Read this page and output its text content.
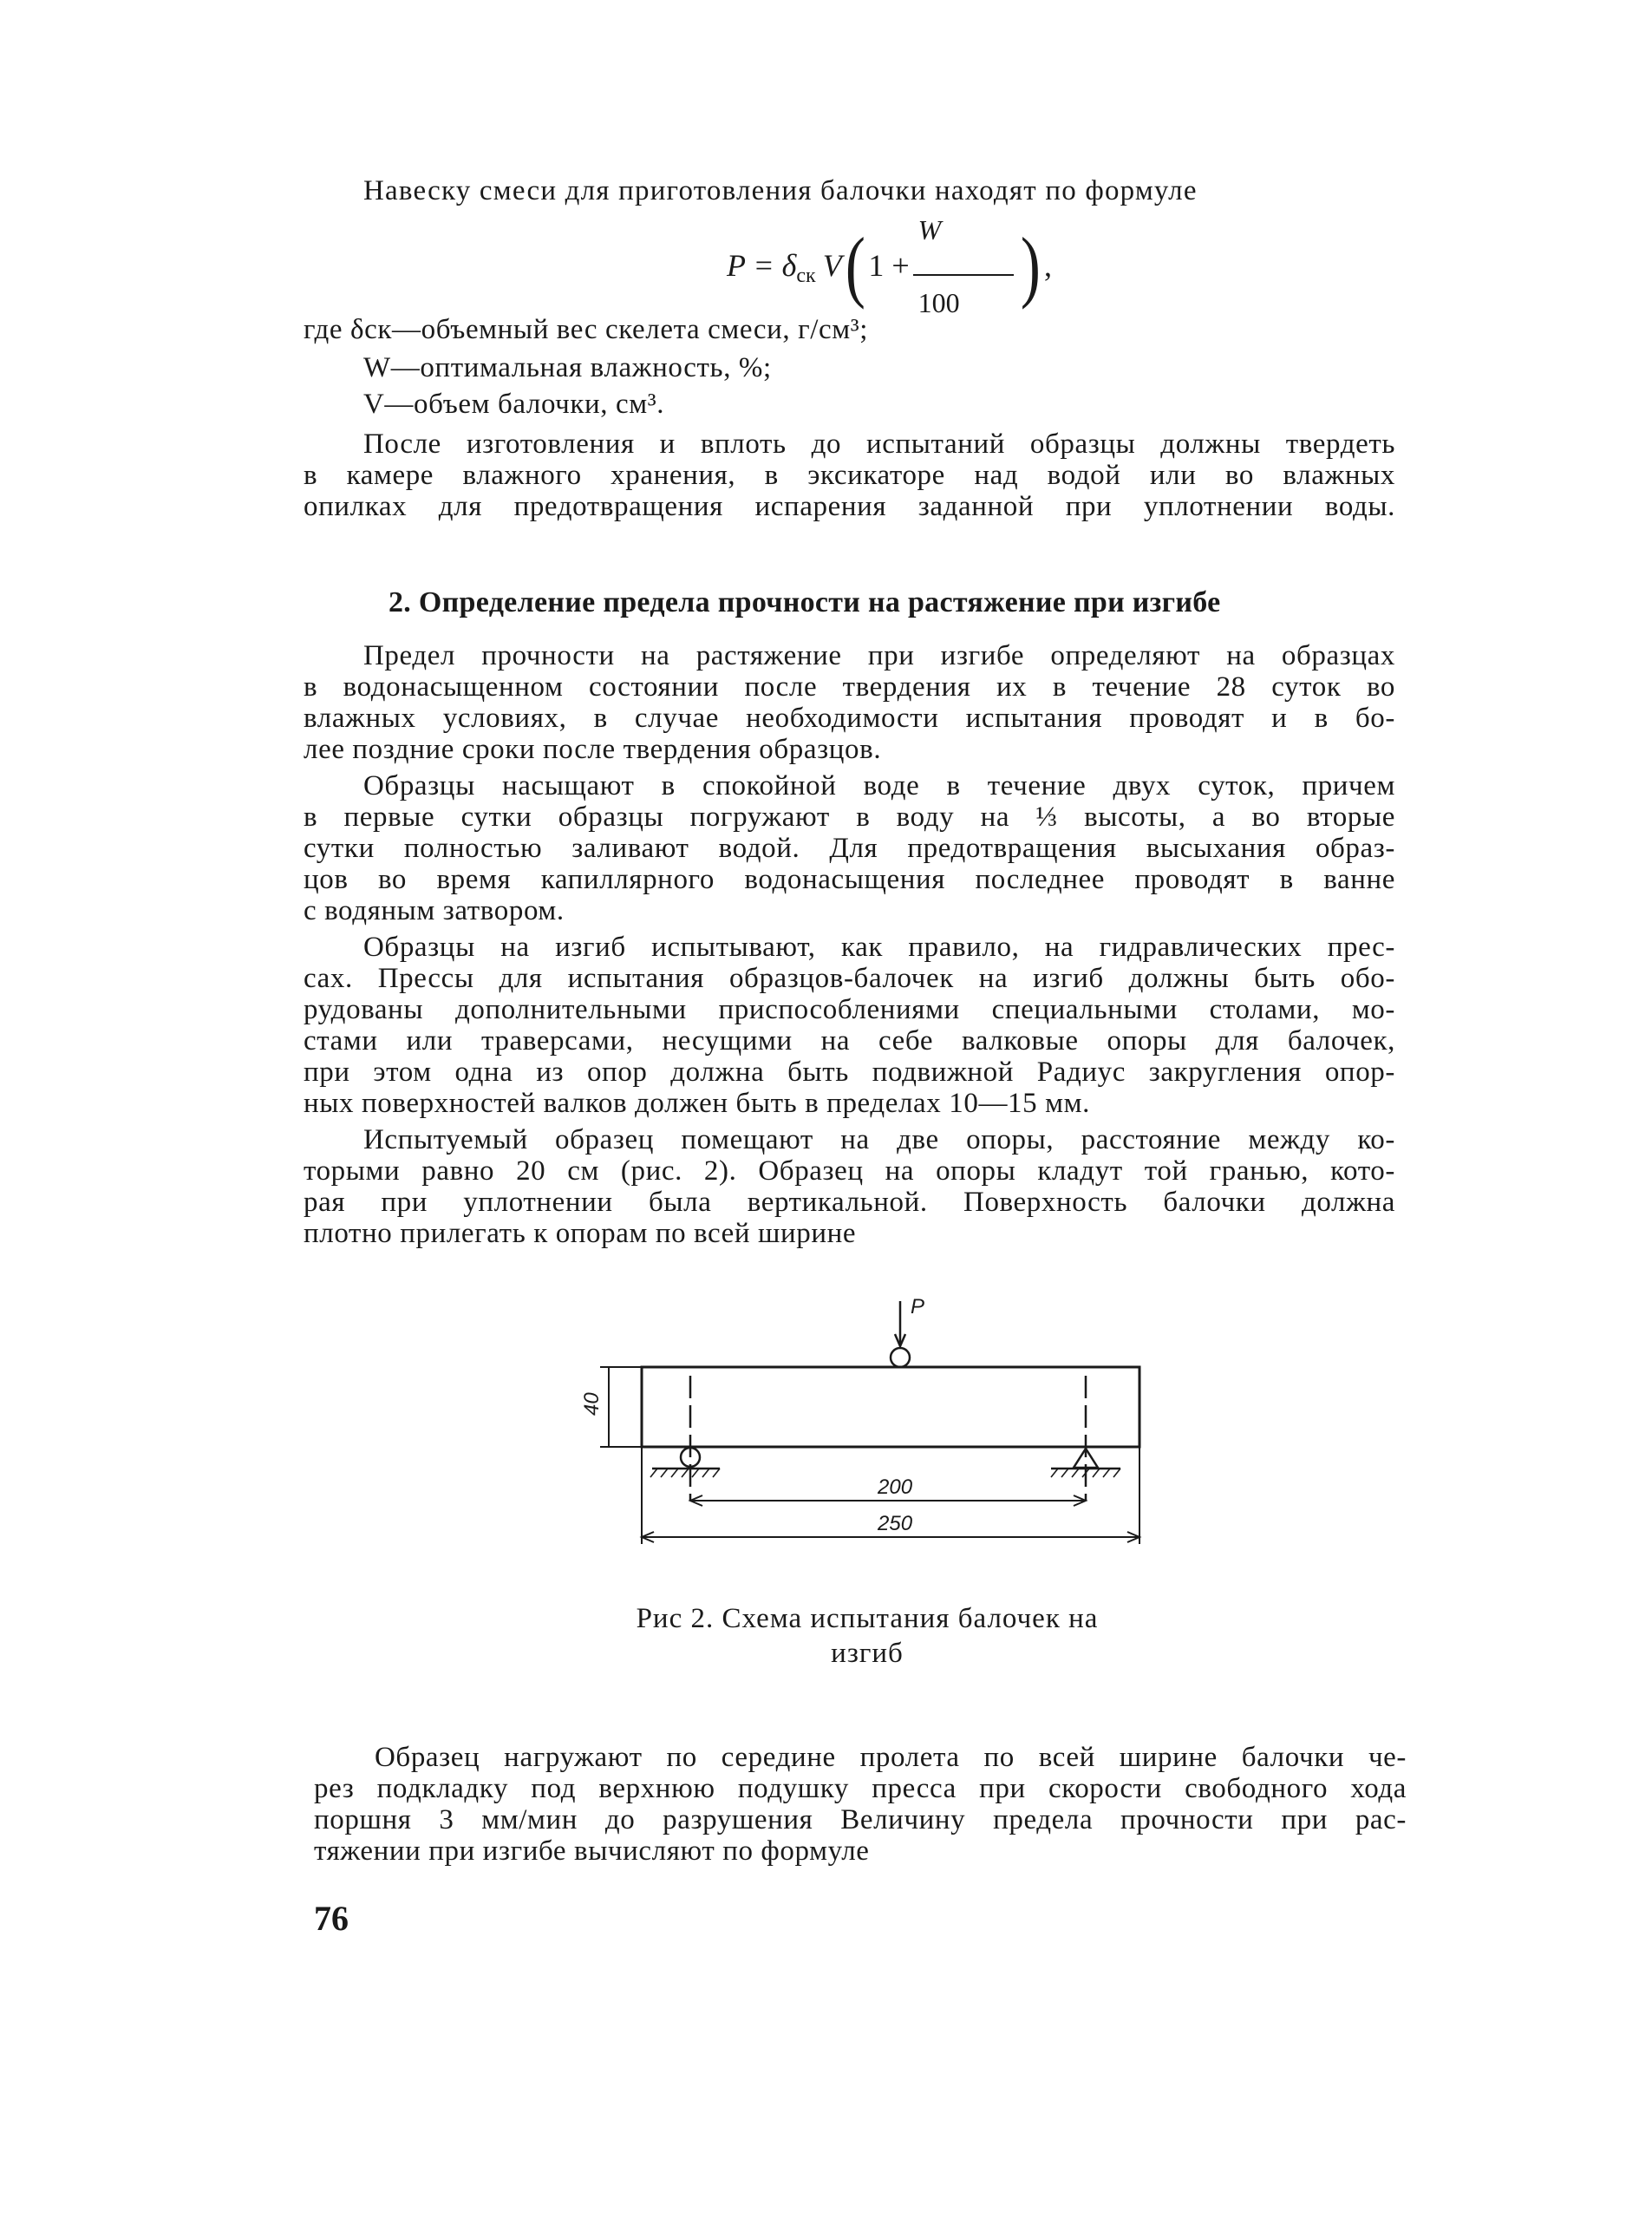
Навеску смеси для приготовления балочки находят по формуле
P = δ ск V ( $1 + \frac{W}{100}$ ) ,
где δск—объемный вес скелета смеси, г/см³;
W—оптимальная влажность, %;
V—объем балочки, см³.
После изготовления и вплоть до испытаний образцы должны твердеть
в камере влажного хранения, в эксикаторе над водой или во влажных
опилках для предотвращения испарения заданной при уплотнении воды.
2. Определение предела прочности на растяжение при изгибе
Предел прочности на растяжение при изгибе определяют на образцах
в водонасыщенном состоянии после твердения их в течение 28 суток во
влажных условиях, в случае необходимости испытания проводят и в бо-
лее поздние сроки после твердения образцов.
Образцы насыщают в спокойной воде в течение двух суток, причем
в первые сутки образцы погружают в воду на ⅓ высоты, а во вторые
сутки полностью заливают водой. Для предотвращения высыхания образ-
цов во время капиллярного водонасыщения последнее проводят в ванне
с водяным затвором.
Образцы на изгиб испытывают, как правило, на гидравлических прес-
сах. Прессы для испытания образцов-балочек на изгиб должны быть обо-
рудованы дополнительными приспособлениями специальными столами, мо-
стами или траверсами, несущими на себе валковые опоры для балочек,
при этом одна из опор должна быть подвижной Радиус закругления опор-
ных поверхностей валков должен быть в пределах 10—15 мм.
Испытуемый образец помещают на две опоры, расстояние между ко-
торыми равно 20 см (рис. 2). Образец на опоры кладут той гранью, кото-
рая при уплотнении была вертикальной. Поверхность балочки должна
плотно прилегать к опорам по всей ширине
P
40
200
250
Рис 2. Схема испытания балочек на
изгиб
Образец нагружают по середине пролета по всей ширине балочки че-
рез подкладку под верхнюю подушку пресса при скорости свободного хода
поршня 3 мм/мин до разрушения Величину предела прочности при рас-
тяжении при изгибе вычисляют по формуле
76
